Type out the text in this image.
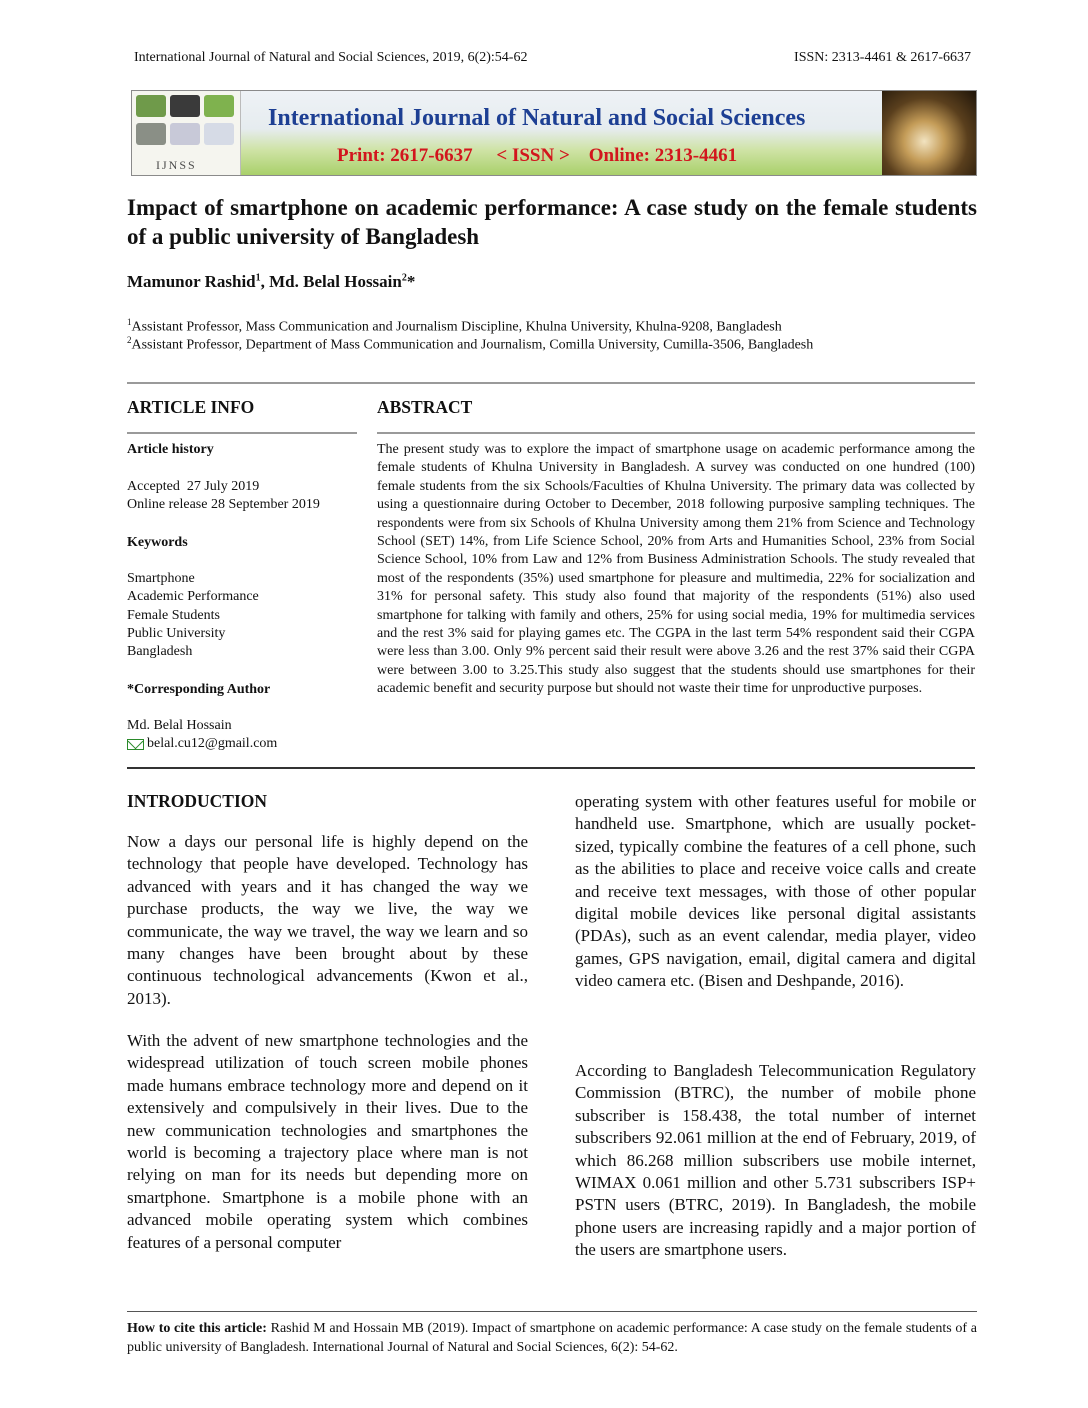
International Journal of Natural and Social Sciences, 2019, 6(2):54-62	ISSN: 2313-4461 & 2617-6637
IJNSS
International Journal of Natural and Social Sciences
Print: 2617-6637     < ISSN >    Online: 2313-4461
Impact of smartphone on academic performance: A case study on the female students of a public university of Bangladesh
Mamunor Rashid$^1$, Md. Belal Hossain$^2$*
$^1$Assistant Professor, Mass Communication and Journalism Discipline, Khulna University, Khulna-9208, Bangladesh
$^2$Assistant Professor, Department of Mass Communication and Journalism, Comilla University, Cumilla-3506, Bangladesh
ARTICLE INFO	ABSTRACT
Article history
Accepted  27 July 2019
Online release 28 September 2019
Keywords
Smartphone
Academic Performance
Female Students
Public University
Bangladesh
*Corresponding Author
Md. Belal Hossain
belal.cu12@gmail.com
The present study was to explore the impact of smartphone usage on academic performance among the female students of Khulna University in Bangladesh. A survey was conducted on one hundred (100) female students from the six Schools/Faculties of Khulna University. The primary data was collected by using a questionnaire during October to December, 2018 following purposive sampling techniques. The respondents were from six Schools of Khulna University among them 21% from Science and Technology School (SET) 14%, from Life Science School, 20% from Arts and Humanities School, 23% from Social Science School, 10% from Law and 12% from Business Administration Schools. The study revealed that most of the respondents (35%) used smartphone for pleasure and multimedia, 22% for socialization and 31% for personal safety. This study also found that majority of the respondents (51%) also used smartphone for talking with family and others, 25% for using social media, 19% for multimedia services and the rest 3% said for playing games etc. The CGPA in the last term 54% respondent said their CGPA were less than 3.00. Only 9% percent said their result were above 3.26 and the rest 37% said their CGPA were between 3.00 to 3.25.This study also suggest that the students should use smartphones for their academic benefit and security purpose but should not waste their time for unproductive purposes.
INTRODUCTION
Now a days our personal life is highly depend on the technology that people have developed. Technology has advanced with years and it has changed the way we purchase products, the way we live, the way we communicate, the way we travel, the way we learn and so many changes have been brought about by these continuous technological advancements (Kwon et al., 2013).
With the advent of new smartphone technologies and the widespread utilization of touch screen mobile phones made humans embrace technology more and depend on it extensively and compulsively in their lives. Due to the new communication technologies and smartphones the world is becoming a trajectory place where man is not relying on man for its needs but depending more on smartphone. Smartphone is a mobile phone with an advanced mobile operating system which combines features of a personal computer
operating system with other features useful for mobile or handheld use. Smartphone, which are usually pocket-sized, typically combine the features of a cell phone, such as the abilities to place and receive voice calls and create and receive text messages, with those of other popular digital mobile devices like personal digital assistants (PDAs), such as an event calendar, media player, video games, GPS navigation, email, digital camera and digital video camera etc. (Bisen and Deshpande, 2016).
According to Bangladesh Telecommunication Regulatory Commission (BTRC), the number of mobile phone subscriber is 158.438, the total number of internet subscribers 92.061 million at the end of February, 2019, of which 86.268 million subscribers use mobile internet, WIMAX 0.061 million and other 5.731 subscribers ISP+ PSTN users (BTRC, 2019). In Bangladesh, the mobile phone users are increasing rapidly and a major portion of the users are smartphone users.
How to cite this article: Rashid M and Hossain MB (2019). Impact of smartphone on academic performance: A case study on the female students of a public university of Bangladesh. International Journal of Natural and Social Sciences, 6(2): 54-62.
